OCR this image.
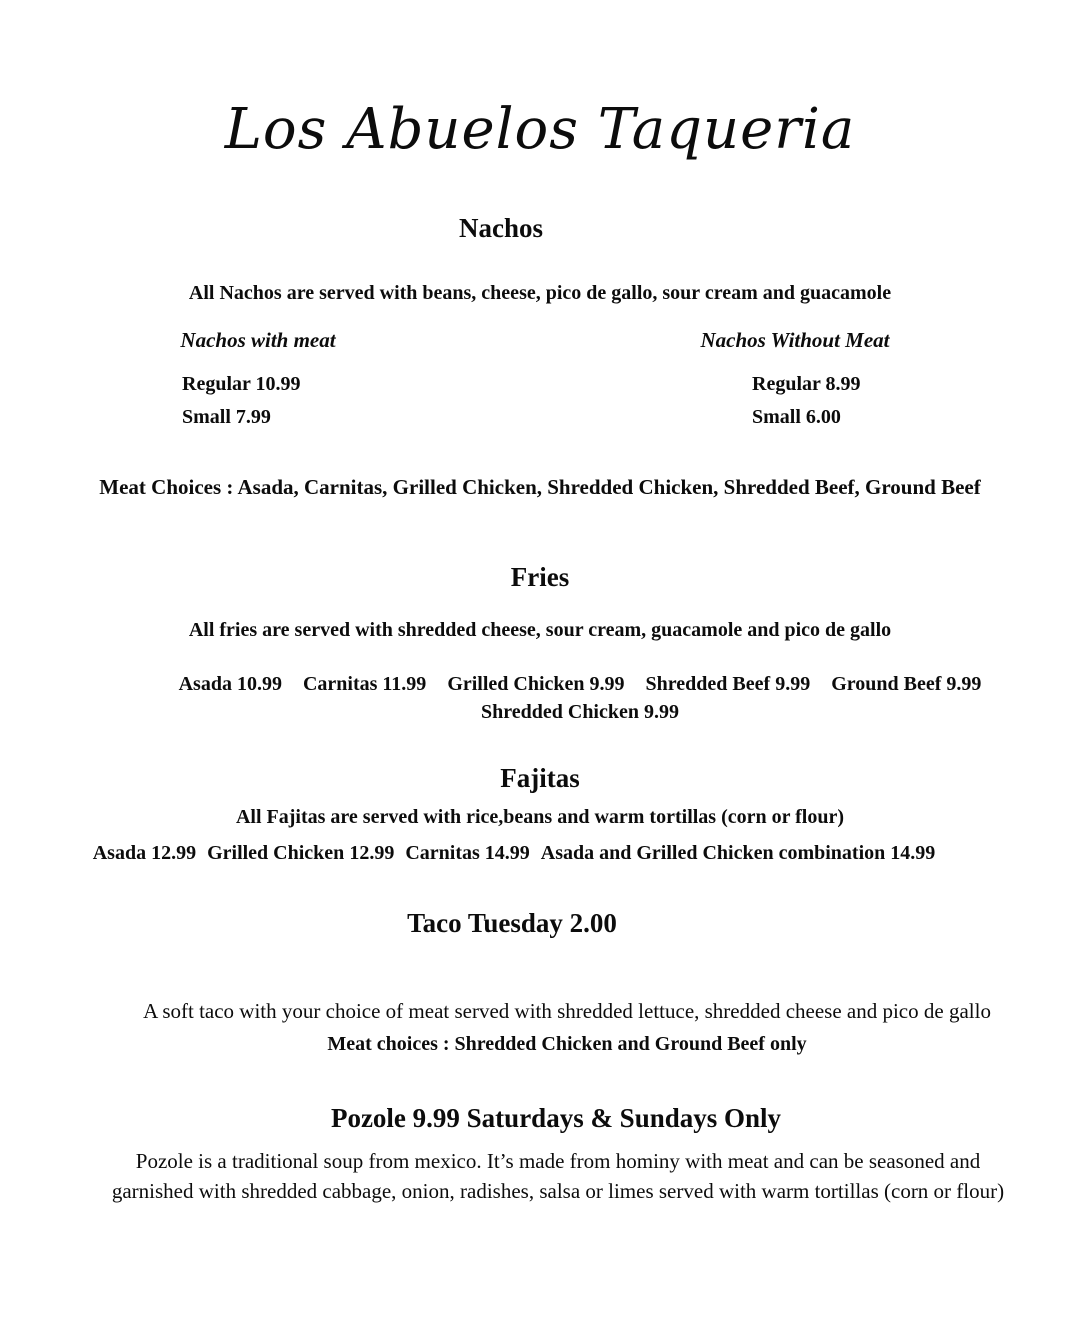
Los Abuelos Taqueria
Nachos

All Nachos are served with beans, cheese, pico de gallo, sour cream and guacamole

Nachos with meat
Regular 10.99
Small 7.99
Nachos Without Meat
Regular 8.99
Small 6.00

Meat Choices : Asada, Carnitas, Grilled Chicken, Shredded Chicken, Shredded Beef, Ground Beef

Fries

All fries are served with shredded cheese, sour cream, guacamole and pico de gallo

Asada 10.99 Carnitas 11.99 Grilled Chicken 9.99 Shredded Beef 9.99 Ground Beef 9.99 Shredded Chicken 9.99
Fajitas

All Fajitas are served with rice,beans and warm tortillas (corn or flour)

Asada 12.99 Grilled Chicken 12.99 Carnitas 14.99 Asada and Grilled Chicken combination 14.99
Taco Tuesday 2.00

A soft taco with your choice of meat served with shredded lettuce, shredded cheese and pico de gallo

Meat choices : Shredded Chicken and Ground Beef only

Pozole 9.99 Saturdays & Sundays Only
Pozole is a traditional soup from mexico. It’s made from hominy with meat and can be seasoned and
garnished with shredded cabbage, onion, radishes, salsa or limes served with warm tortillas (corn or flour)
